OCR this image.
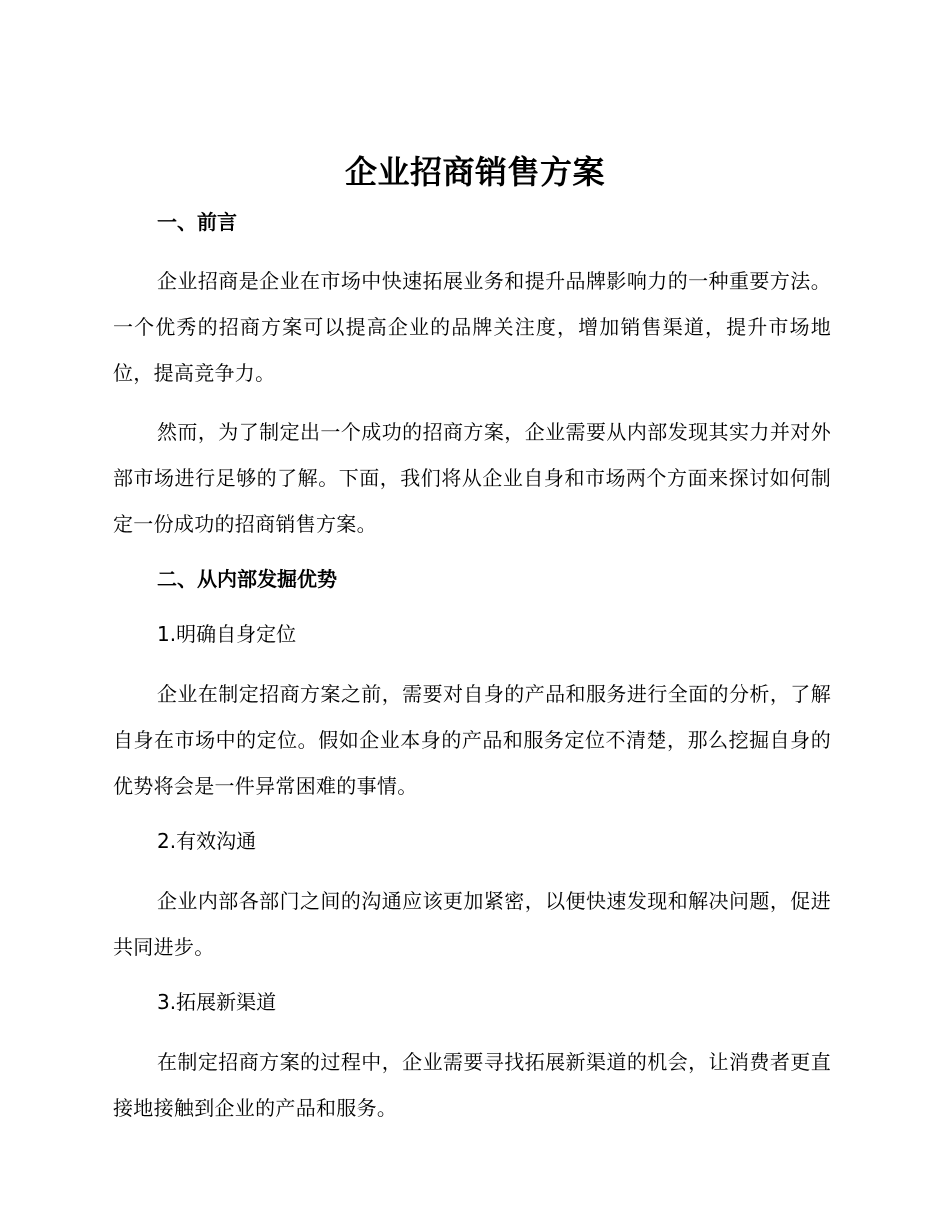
企业招商销售方案
一、前言

企业招商是企业在市场中快速拓展业务和提升品牌影响力的一种重要方法。一个优秀的招商方案可以提高企业的品牌关注度，增加销售渠道，提升市场地位，提高竞争力。

然而，为了制定出一个成功的招商方案，企业需要从内部发现其实力并对外部市场进行足够的了解。下面，我们将从企业自身和市场两个方面来探讨如何制定一份成功的招商销售方案。

二、从内部发掘优势
1.明确自身定位

企业在制定招商方案之前，需要对自身的产品和服务进行全面的分析，了解自身在市场中的定位。假如企业本身的产品和服务定位不清楚，那么挖掘自身的优势将会是一件异常困难的事情。

2.有效沟通

企业内部各部门之间的沟通应该更加紧密，以便快速发现和解决问题，促进共同进步。

3.拓展新渠道

在制定招商方案的过程中，企业需要寻找拓展新渠道的机会，让消费者更直接地接触到企业的产品和服务。
